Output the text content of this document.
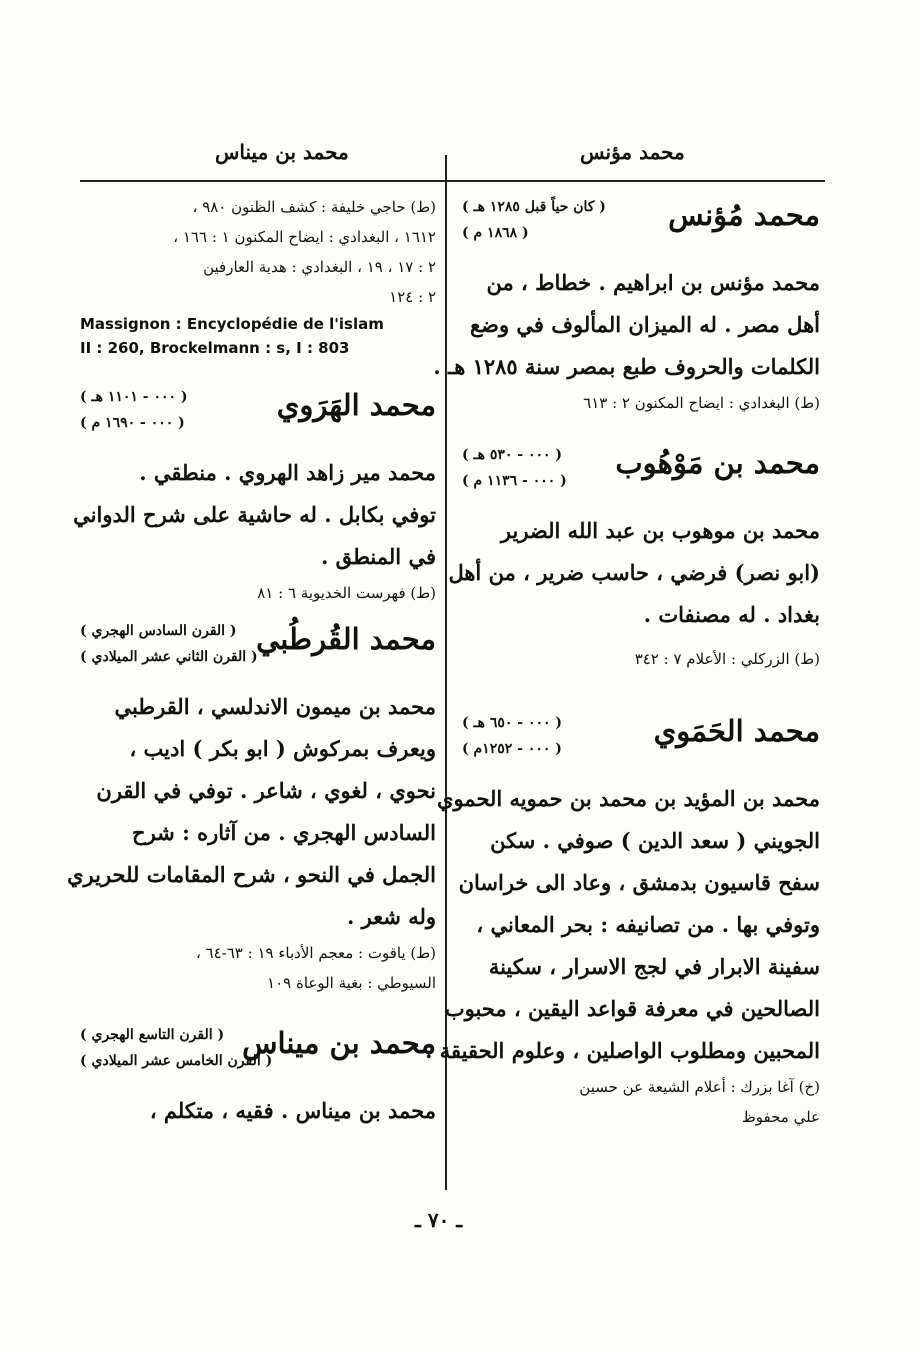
محمد مؤنس
محمد بن ميناس
محمد مُؤنس
( كان حياً قبل ١٢٨٥ هـ )
( ١٨٦٨ م )
محمد مؤنس بن ابراهيم . خطاط ، من
أهل مصر . له الميزان المألوف في وضع
الكلمات والحروف طبع بمصر سنة ١٢٨٥ هـ .
(ط) البغدادي : ايضاح المكنون ٢ : ٦١٣
محمد بن مَوْهُوب
( ٠٠٠ - ٥٣٠ هـ )
( ٠٠٠ - ١١٣٦ م )
محمد بن موهوب بن عبد الله الضرير
(ابو نصر) فرضي ، حاسب ضرير ، من أهل
بغداد . له مصنفات .
(ط) الزركلي : الأعلام ٧ : ٣٤٢
محمد الحَمَوي
( ٠٠٠ - ٦٥٠ هـ )
( ٠٠٠ - ١٢٥٢م )
محمد بن المؤيد بن محمد بن حمويه الحموي
الجويني ( سعد الدين ) صوفي . سكن
سفح قاسيون بدمشق ، وعاد الى خراسان
وتوفي بها . من تصانيفه : بحر المعاني ،
سفينة الابرار في لجج الاسرار ، سكينة
الصالحين في معرفة قواعد اليقين ، محبوب
المحبين ومطلوب الواصلين ، وعلوم الحقيقة .
(خ) آغا بزرك : أعلام الشيعة عن حسين
علي محفوظ
(ط) حاجي خليفة : كشف الظنون ٩٨٠ ،
١٦١٢ ، البغدادي : ايضاح المكنون ١ : ١٦٦ ،
٢ : ١٧ ، ١٩ ، البغدادي : هدية العارفين
٢ : ١٢٤
Massignon : Encyclopédie de l'islam
II : 260, Brockelmann : s, I : 803
محمد الهَرَوي
( ٠٠٠ - ١١٠١ هـ )
( ٠٠٠ - ١٦٩٠ م )
محمد مير زاهد الهروي . منطقي .
توفي بكابل . له حاشية على شرح الدواني
في المنطق .
(ط) فهرست الخديوية ٦ : ٨١
محمد القُرطُبي
( القرن السادس الهجري )
( القرن الثاني عشر الميلادي )
محمد بن ميمون الاندلسي ، القرطبي
ويعرف بمركوش ( ابو بكر ) اديب ،
نحوي ، لغوي ، شاعر . توفي في القرن
السادس الهجري . من آثاره : شرح
الجمل في النحو ، شرح المقامات للحريري
وله شعر .
(ط) ياقوت : معجم الأدباء ١٩ : ٦٣-٦٤ ،
السيوطي : بغية الوعاة ١٠٩
محمد بن ميناس
( القرن التاسع الهجري )
( القرن الخامس عشر الميلادي )
محمد بن ميناس . فقيه ، متكلم ،
ـ ٧٠ ـ
